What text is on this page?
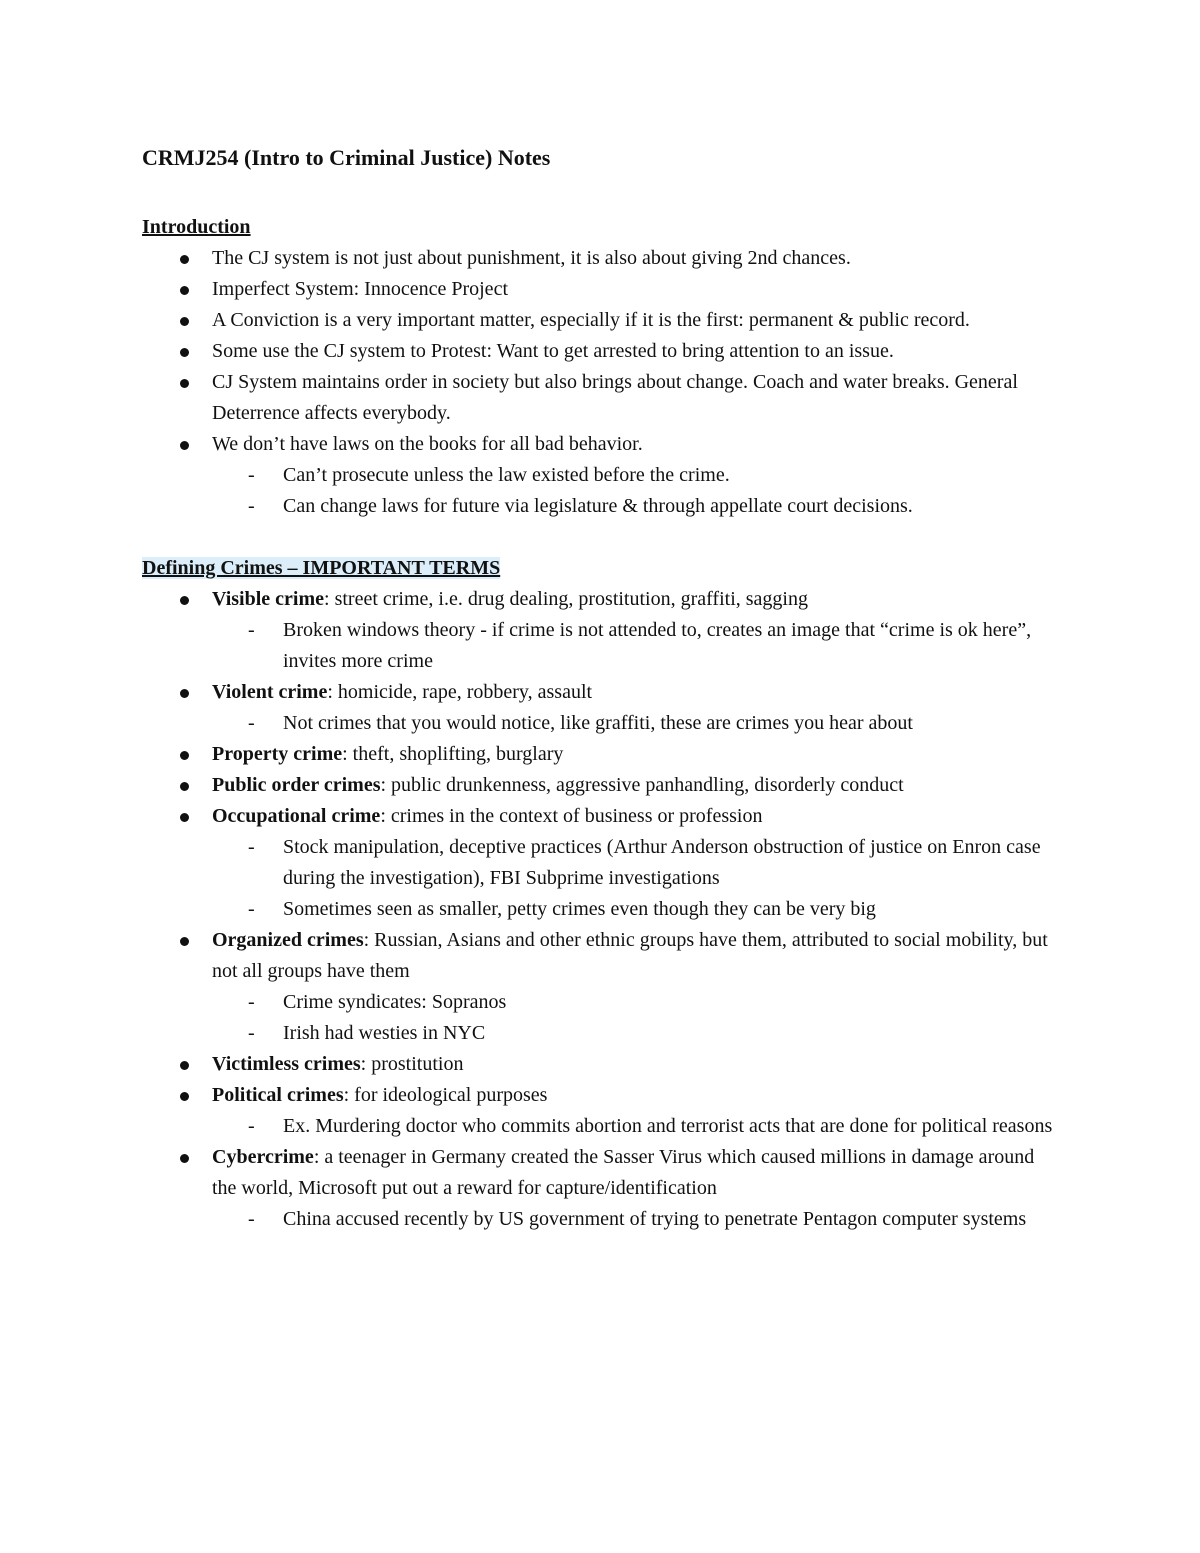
CRMJ254 (Intro to Criminal Justice) Notes
Introduction
The CJ system is not just about punishment, it is also about giving 2nd chances.
Imperfect System: Innocence Project
A Conviction is a very important matter, especially if it is the first: permanent & public record.
Some use the CJ system to Protest: Want to get arrested to bring attention to an issue.
CJ System maintains order in society but also brings about change. Coach and water breaks. General Deterrence affects everybody.
We don’t have laws on the books for all bad behavior.
- Can’t prosecute unless the law existed before the crime.
- Can change laws for future via legislature & through appellate court decisions.
Defining Crimes – IMPORTANT TERMS
Visible crime: street crime, i.e. drug dealing, prostitution, graffiti, sagging
- Broken windows theory - if crime is not attended to, creates an image that “crime is ok here”, invites more crime
Violent crime: homicide, rape, robbery, assault
- Not crimes that you would notice, like graffiti, these are crimes you hear about
Property crime: theft, shoplifting, burglary
Public order crimes: public drunkenness, aggressive panhandling, disorderly conduct
Occupational crime: crimes in the context of business or profession
- Stock manipulation, deceptive practices (Arthur Anderson obstruction of justice on Enron case during the investigation), FBI Subprime investigations
- Sometimes seen as smaller, petty crimes even though they can be very big
Organized crimes: Russian, Asians and other ethnic groups have them, attributed to social mobility, but not all groups have them
- Crime syndicates: Sopranos
- Irish had westies in NYC
Victimless crimes: prostitution
Political crimes: for ideological purposes
- Ex. Murdering doctor who commits abortion and terrorist acts that are done for political reasons
Cybercrime: a teenager in Germany created the Sasser Virus which caused millions in damage around the world, Microsoft put out a reward for capture/identification
- China accused recently by US government of trying to penetrate Pentagon computer systems
